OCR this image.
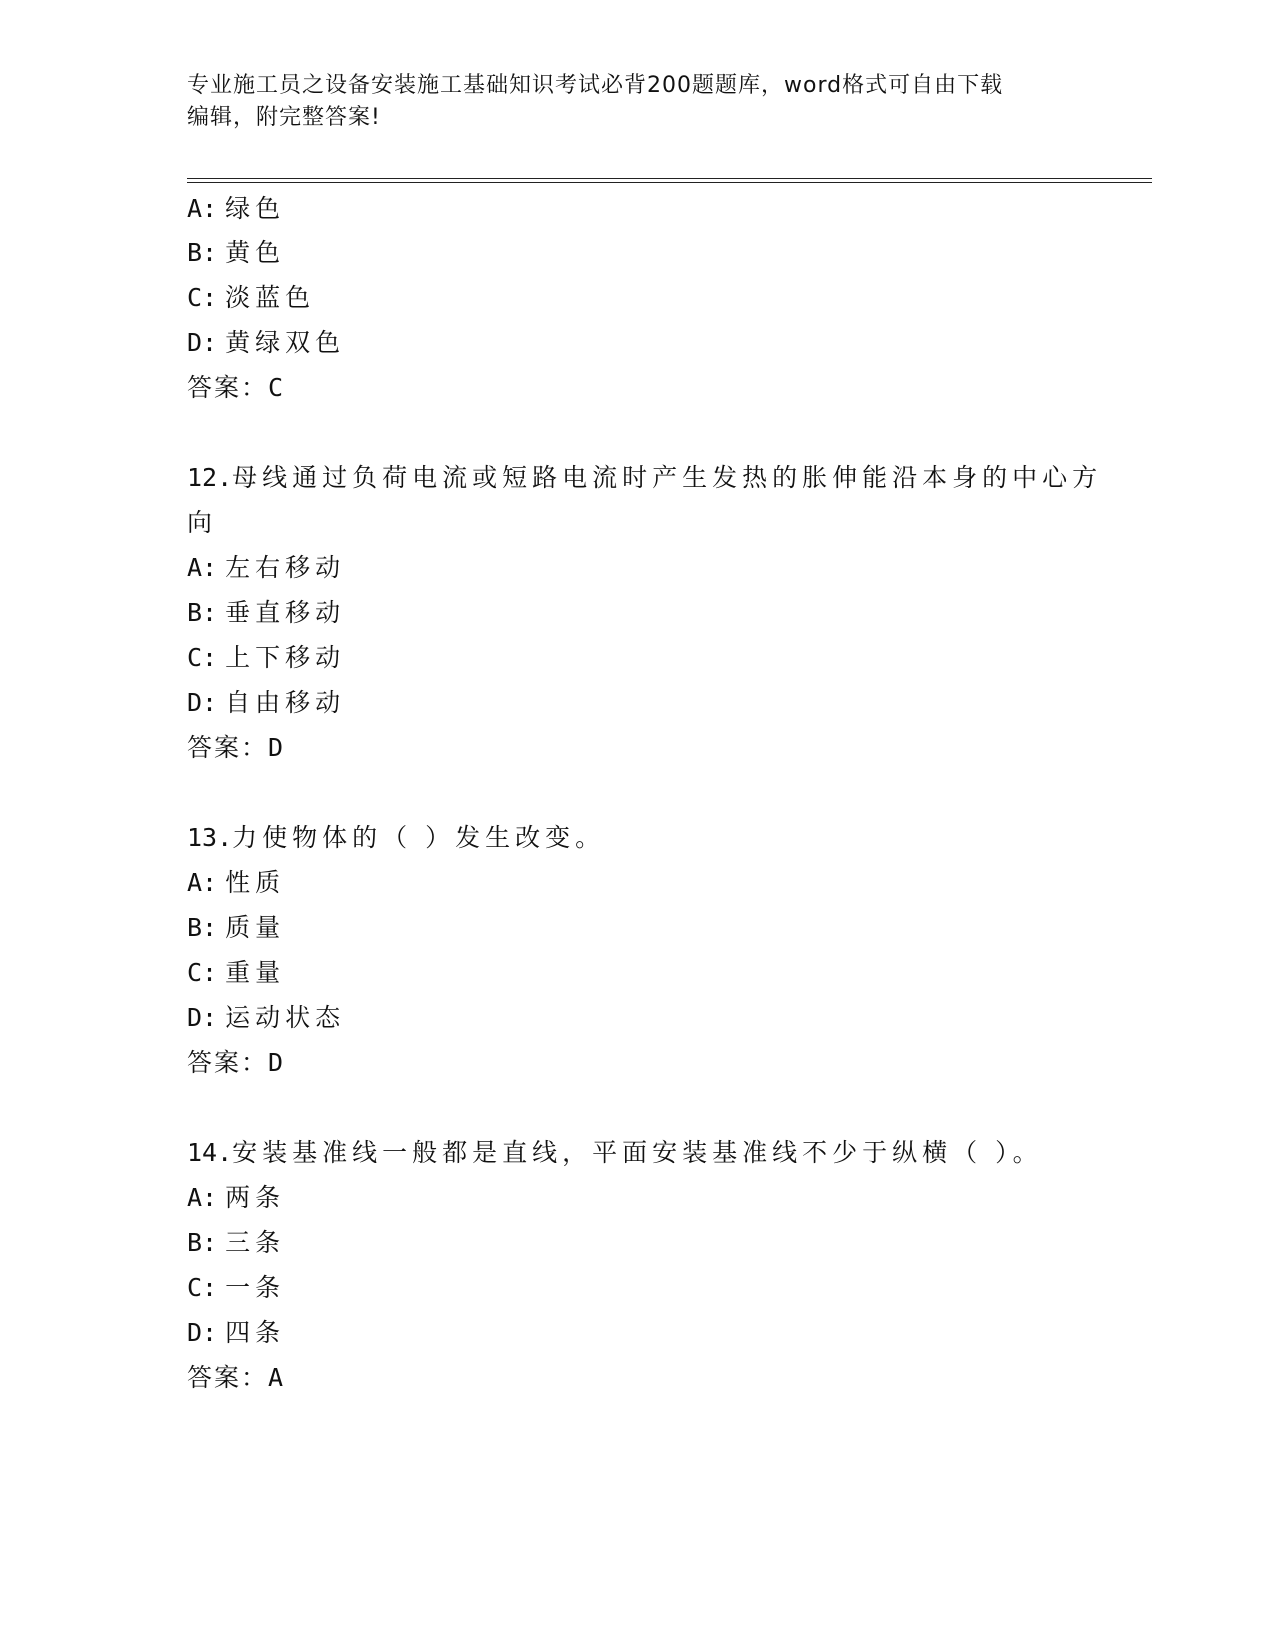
专业施工员之设备安装施工基础知识考试必背200题题库，word格式可自由下载
编辑，附完整答案!
A: 绿色
B: 黄色
C: 淡蓝色
D: 黄绿双色
答案：C
12.母线通过负荷电流或短路电流时产生发热的胀伸能沿本身的中心方
向
A: 左右移动
B: 垂直移动
C: 上下移动
D: 自由移动
答案：D
13.力使物体的（ ）发生改变。
A: 性质
B: 质量
C: 重量
D: 运动状态
答案：D
14.安装基准线一般都是直线，平面安装基准线不少于纵横（ ）。
A: 两条
B: 三条
C: 一条
D: 四条
答案：A
